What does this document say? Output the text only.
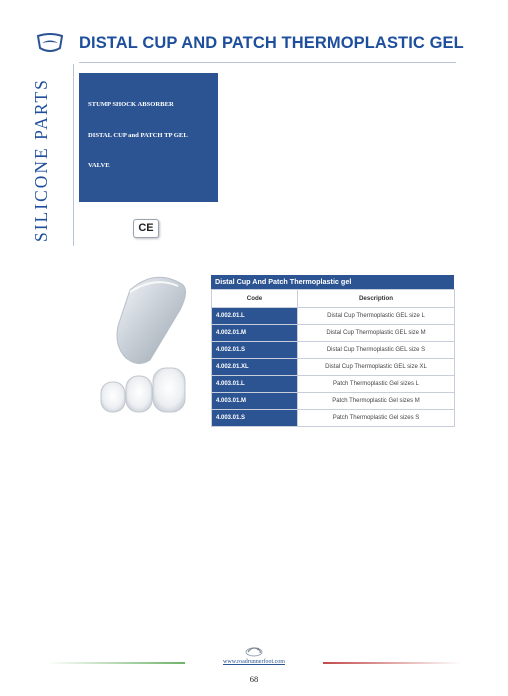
DISTAL CUP AND PATCH THERMOPLASTIC GEL
SILICONE PARTS	STUMP SHOCK ABSORBER
DISTAL CUP and PATCH TP GEL
VALVE
CE
Distal Cup And Patch Thermoplastic gel
Code	Description
4.002.01.L	Distal Cup Thermoplastic GEL size L
4.002.01.M	Distal Cup Thermoplastic GEL size M
4.002.01.S	Distal Cup Thermoplastic GEL size S
4.002.01.XL	Distal Cup Thermoplastic GEL size XL
4.003.01.L	Patch Thermoplastic Gel sizes L
4.003.01.M	Patch Thermoplastic Gel sizes M
4.003.01.S	Patch Thermoplastic Gel sizes S
www.roadrunnerfoot.com
68
